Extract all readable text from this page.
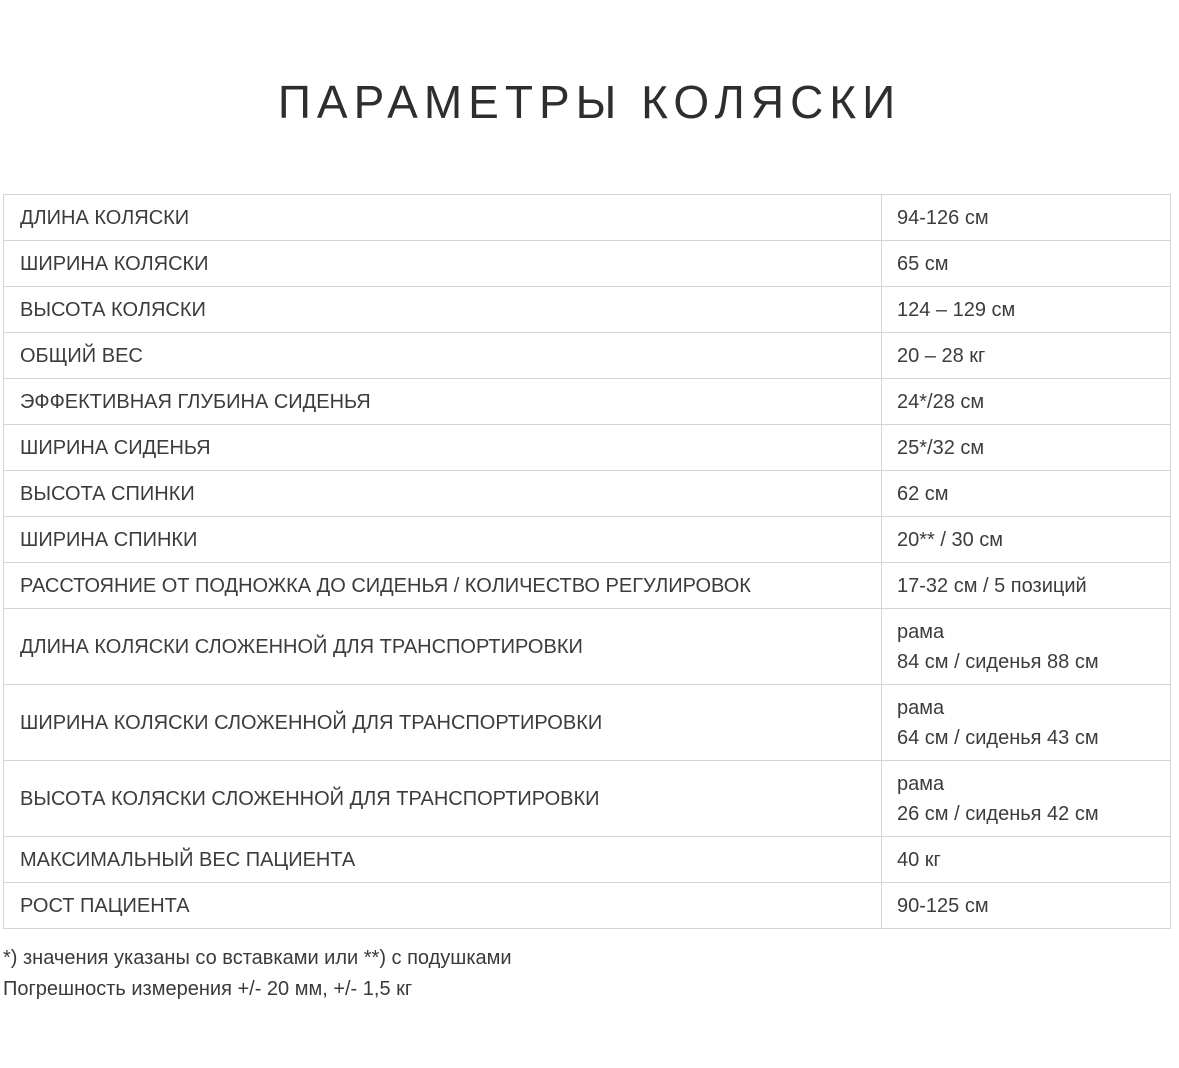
ПАРАМЕТРЫ КОЛЯСКИ
ДЛИНА КОЛЯСКИ	94-126 см
ШИРИНА КОЛЯСКИ	65 см
ВЫСОТА КОЛЯСКИ	124 – 129 см
ОБЩИЙ ВЕС	20 – 28 кг
ЭФФЕКТИВНАЯ ГЛУБИНА СИДЕНЬЯ	24*/28 см
ШИРИНА СИДЕНЬЯ	25*/32 см
ВЫСОТА СПИНКИ	62 см
ШИРИНА СПИНКИ	20** / 30 см
РАССТОЯНИЕ ОТ ПОДНОЖКА ДО СИДЕНЬЯ / КОЛИЧЕСТВО РЕГУЛИРОВОК	17-32 см / 5 позиций
ДЛИНА КОЛЯСКИ СЛОЖЕННОЙ ДЛЯ ТРАНСПОРТИРОВКИ	рама
84 см / сиденья 88 см

ШИРИНА КОЛЯСКИ СЛОЖЕННОЙ ДЛЯ ТРАНСПОРТИРОВКИ	рама
64 см / сиденья 43 см

ВЫСОТА КОЛЯСКИ СЛОЖЕННОЙ ДЛЯ ТРАНСПОРТИРОВКИ	рама
26 см / сиденья 42 см

МАКСИМАЛЬНЫЙ ВЕС ПАЦИЕНТА	40 кг
РОСТ ПАЦИЕНТА	90-125 см
*) значения указаны со вставками или **) с подушками
Погрешность измерения +/- 20 мм, +/- 1,5 кг
